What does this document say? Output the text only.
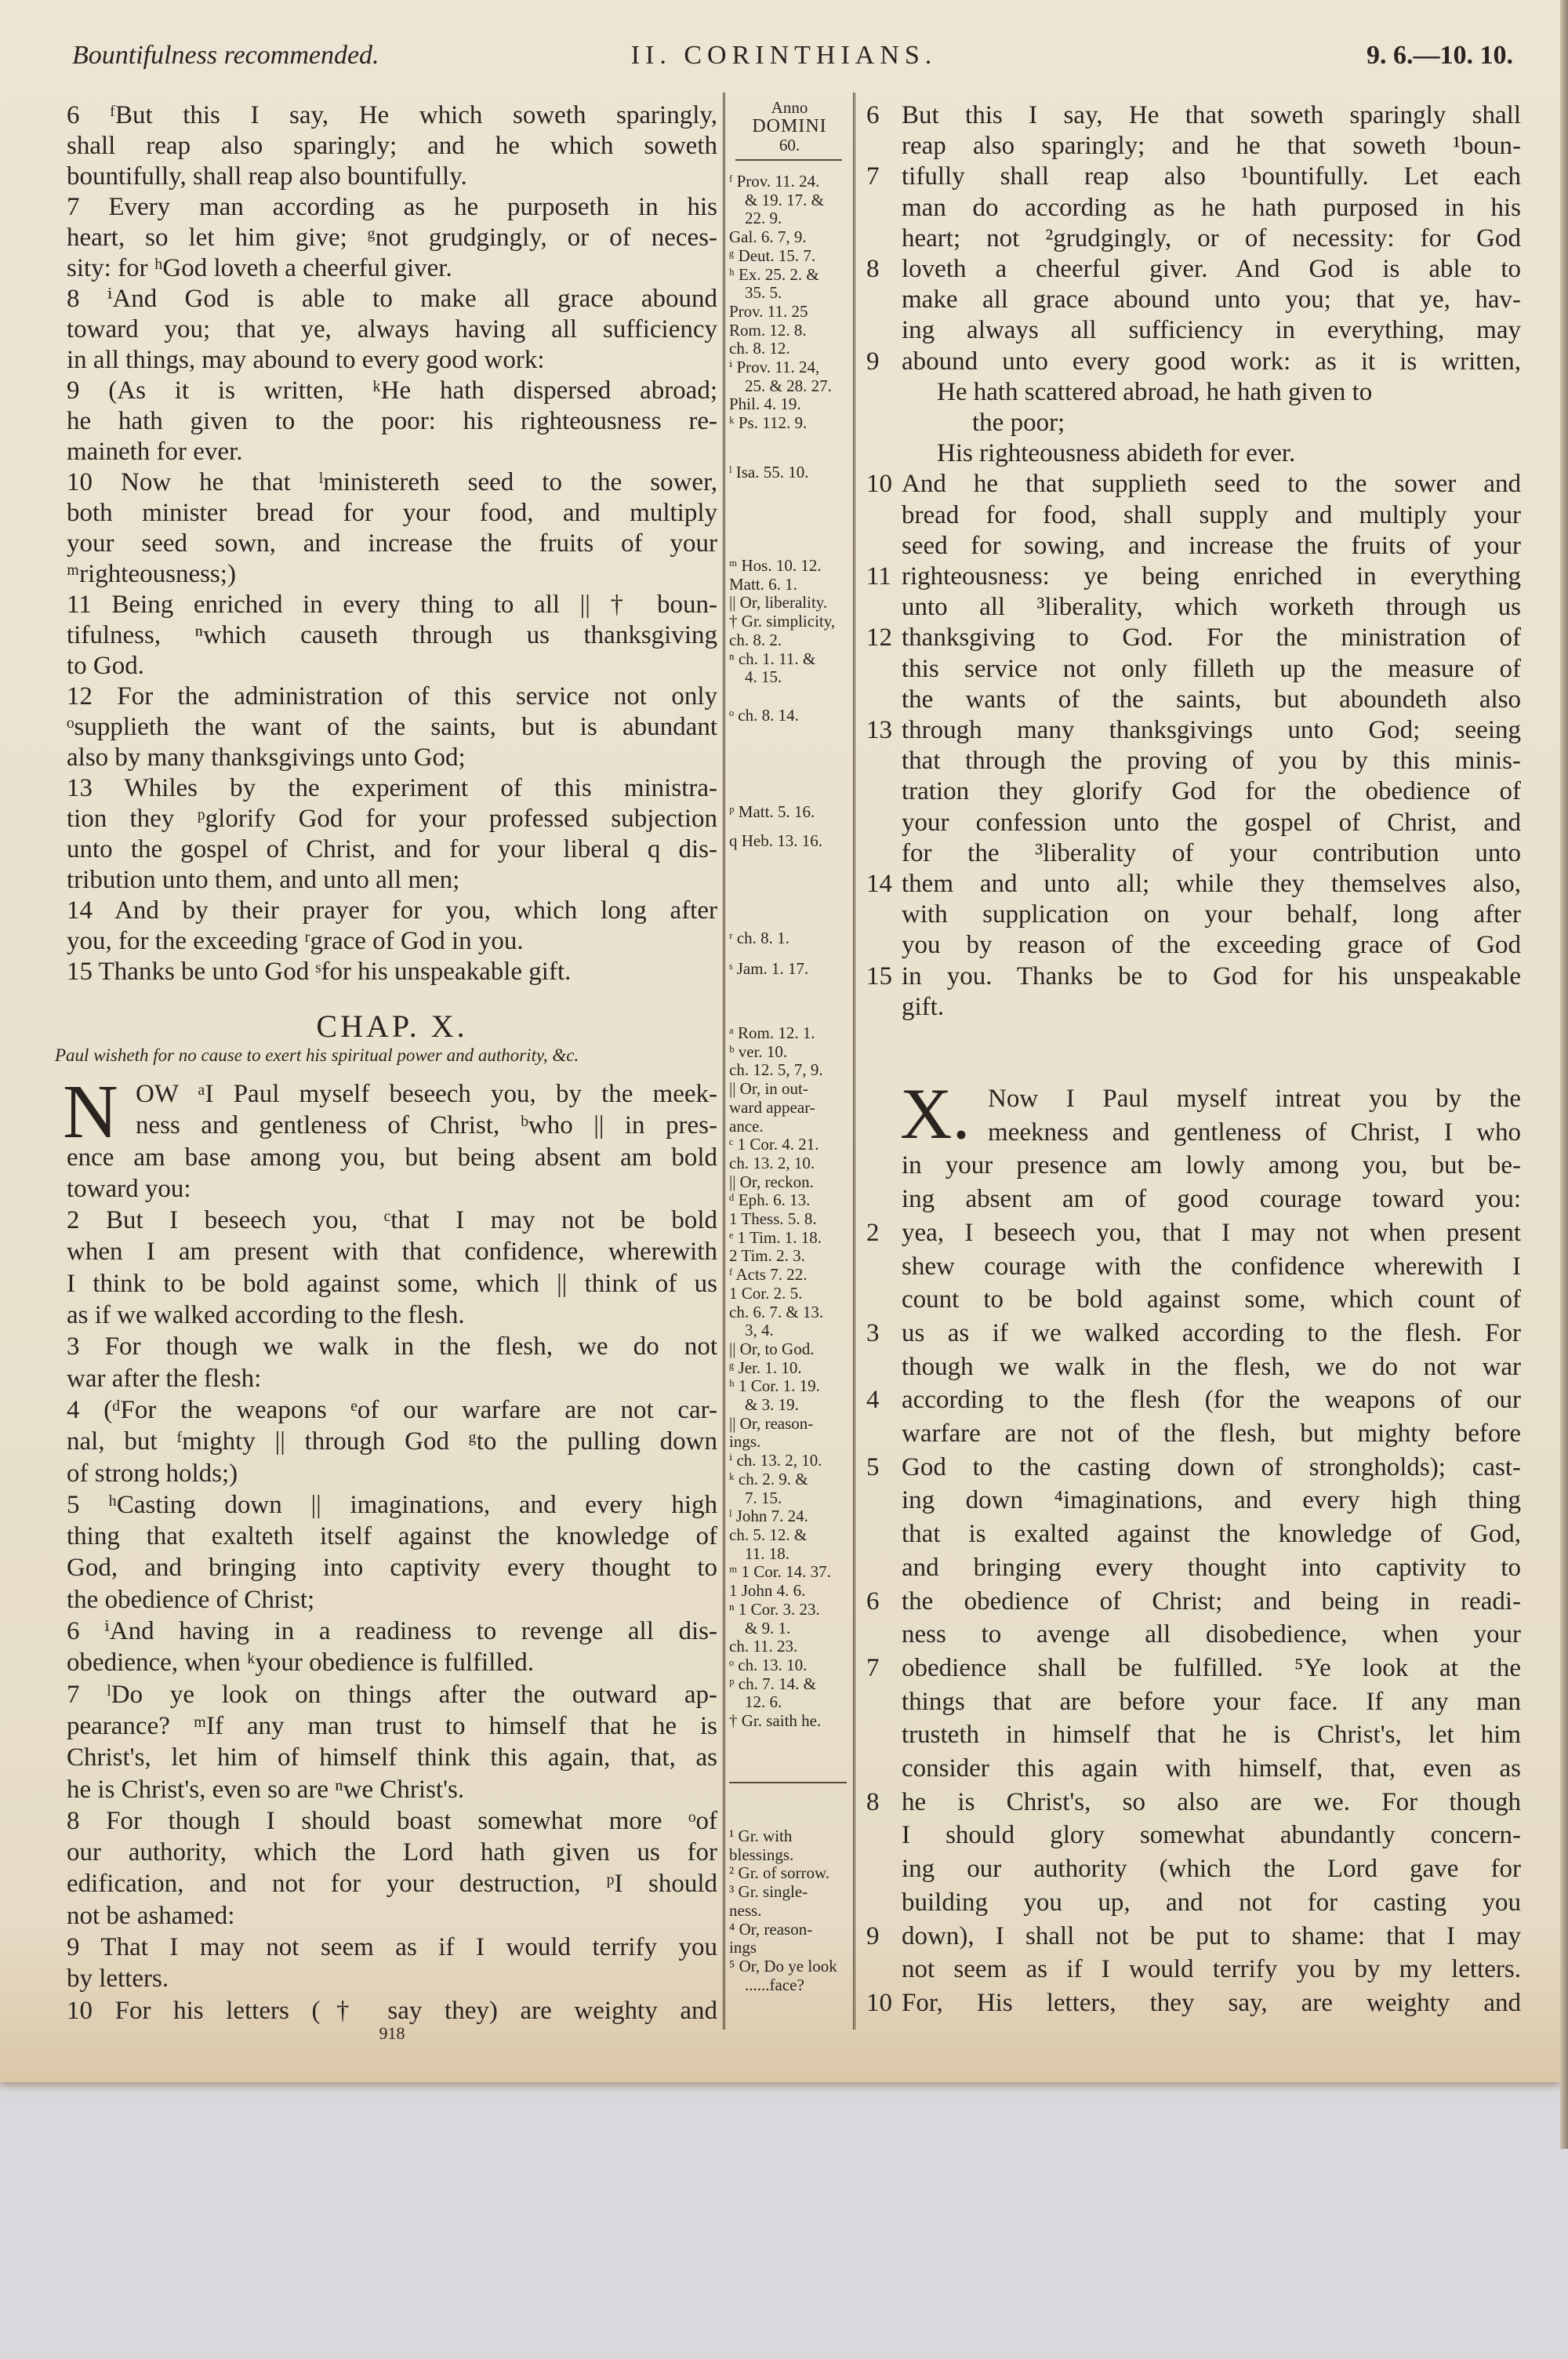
Bountifulness recommended.	II. CORINTHIANS.	9. 6.—10. 10.
6 ᶠBut this I say, He which soweth sparingly,
shall reap also sparingly; and he which soweth
bountifully, shall reap also bountifully.
7 Every man according as he purposeth in his
heart, so let him give; ᵍnot grudgingly, or of neces-
sity: for ʰGod loveth a cheerful giver.
8 ⁱAnd God is able to make all grace abound
toward you; that ye, always having all sufficiency
in all things, may abound to every good work:
9 (As it is written, ᵏHe hath dispersed abroad;
he hath given to the poor: his righteousness re-
maineth for ever.
10 Now he that ˡministereth seed to the sower,
both minister bread for your food, and multiply
your seed sown, and increase the fruits of your
ᵐrighteousness;)
11 Being enriched in every thing to all || † boun-
tifulness, ⁿwhich causeth through us thanksgiving
to God.
12 For the administration of this service not only
ᵒsupplieth the want of the saints, but is abundant
also by many thanksgivings unto God;
13 Whiles by the experiment of this ministra-
tion they ᵖglorify God for your professed subjection
unto the gospel of Christ, and for your liberal q dis-
tribution unto them, and unto all men;
14 And by their prayer for you, which long after
you, for the exceeding ʳgrace of God in you.
15 Thanks be unto God ˢfor his unspeakable gift.
CHAP. X.
Paul wisheth for no cause to exert his spiritual power and authority, &c.
N OW ᵃI Paul myself beseech you, by the meek-
ness and gentleness of Christ, ᵇwho || in pres-
ence am base among you, but being absent am bold
toward you:
2 But I beseech you, ᶜthat I may not be bold
when I am present with that confidence, wherewith
I think to be bold against some, which || think of us
as if we walked according to the flesh.
3 For though we walk in the flesh, we do not
war after the flesh:
4 (ᵈFor the weapons ᵉof our warfare are not car-
nal, but ᶠmighty || through God ᵍto the pulling down
of strong holds;)
5 ʰCasting down || imaginations, and every high
thing that exalteth itself against the knowledge of
God, and bringing into captivity every thought to
the obedience of Christ;
6 ⁱAnd having in a readiness to revenge all dis-
obedience, when ᵏyour obedience is fulfilled.
7 ˡDo ye look on things after the outward ap-
pearance? ᵐIf any man trust to himself that he is
Christ's, let him of himself think this again, that, as
he is Christ's, even so are ⁿwe Christ's.
8 For though I should boast somewhat more ᵒof
our authority, which the Lord hath given us for
edification, and not for your destruction, ᵖI should
not be ashamed:
9 That I may not seem as if I would terrify you
by letters.
10 For his letters († say they) are weighty and
918
Anno
DOMINI
60.
ᶠ Prov. 11. 24.
& 19. 17. &
22. 9.
Gal. 6. 7, 9.
ᵍ Deut. 15. 7.
ʰ Ex. 25. 2. &
35. 5.
Prov. 11. 25
Rom. 12. 8.
ch. 8. 12.
ⁱ Prov. 11. 24,
25. & 28. 27.
Phil. 4. 19.
ᵏ Ps. 112. 9.
ˡ Isa. 55. 10.
ᵐ Hos. 10. 12.
Matt. 6. 1.
|| Or, liberality.
† Gr. simplicity,
ch. 8. 2.
ⁿ ch. 1. 11. &
4. 15.
ᵒ ch. 8. 14.
ᵖ Matt. 5. 16.
q Heb. 13. 16.
ʳ ch. 8. 1.
ˢ Jam. 1. 17.
ᵃ Rom. 12. 1.
ᵇ ver. 10.
ch. 12. 5, 7, 9.
|| Or, in out-
ward appear-
ance.
ᶜ 1 Cor. 4. 21.
ch. 13. 2, 10.
|| Or, reckon.
ᵈ Eph. 6. 13.
1 Thess. 5. 8.
ᵉ 1 Tim. 1. 18.
2 Tim. 2. 3.
ᶠ Acts 7. 22.
1 Cor. 2. 5.
ch. 6. 7. & 13.
3, 4.
|| Or, to God.
ᵍ Jer. 1. 10.
ʰ 1 Cor. 1. 19.
& 3. 19.
|| Or, reason-
ings.
ⁱ ch. 13. 2, 10.
ᵏ ch. 2. 9. &
7. 15.
ˡ John 7. 24.
ch. 5. 12. &
11. 18.
ᵐ 1 Cor. 14. 37.
1 John 4. 6.
ⁿ 1 Cor. 3. 23.
& 9. 1.
ch. 11. 23.
ᵒ ch. 13. 10.
ᵖ ch. 7. 14. &
12. 6.
† Gr. saith he.
¹ Gr. with
blessings.
² Gr. of sorrow.
³ Gr. single-
ness.
⁴ Or, reason-
ings
⁵ Or, Do ye look
......face?
6 But this I say, He that soweth sparingly shall
reap also sparingly; and he that soweth ¹boun-
7 tifully shall reap also ¹bountifully. Let each
man do according as he hath purposed in his
heart; not ²grudgingly, or of necessity: for God
8 loveth a cheerful giver. And God is able to
make all grace abound unto you; that ye, hav-
ing always all sufficiency in everything, may
9 abound unto every good work: as it is written,
He hath scattered abroad, he hath given to
the poor;
His righteousness abideth for ever.
10 And he that supplieth seed to the sower and
bread for food, shall supply and multiply your
seed for sowing, and increase the fruits of your
11 righteousness: ye being enriched in everything
unto all ³liberality, which worketh through us
12 thanksgiving to God. For the ministration of
this service not only filleth up the measure of
the wants of the saints, but aboundeth also
13 through many thanksgivings unto God; seeing
that through the proving of you by this minis-
tration they glorify God for the obedience of
your confession unto the gospel of Christ, and
for the ³liberality of your contribution unto
14 them and unto all; while they themselves also,
with supplication on your behalf, long after
you by reason of the exceeding grace of God
15 in you. Thanks be to God for his unspeakable
gift.
X. Now I Paul myself intreat you by the
meekness and gentleness of Christ, I who
in your presence am lowly among you, but be-
ing absent am of good courage toward you:
2 yea, I beseech you, that I may not when present
shew courage with the confidence wherewith I
count to be bold against some, which count of
3 us as if we walked according to the flesh. For
though we walk in the flesh, we do not war
4 according to the flesh (for the weapons of our
warfare are not of the flesh, but mighty before
5 God to the casting down of strongholds); cast-
ing down ⁴imaginations, and every high thing
that is exalted against the knowledge of God,
and bringing every thought into captivity to
6 the obedience of Christ; and being in readi-
ness to avenge all disobedience, when your
7 obedience shall be fulfilled. ⁵Ye look at the
things that are before your face. If any man
trusteth in himself that he is Christ's, let him
consider this again with himself, that, even as
8 he is Christ's, so also are we. For though
I should glory somewhat abundantly concern-
ing our authority (which the Lord gave for
building you up, and not for casting you
9 down), I shall not be put to shame: that I may
not seem as if I would terrify you by my letters.
10 For, His letters, they say, are weighty and
